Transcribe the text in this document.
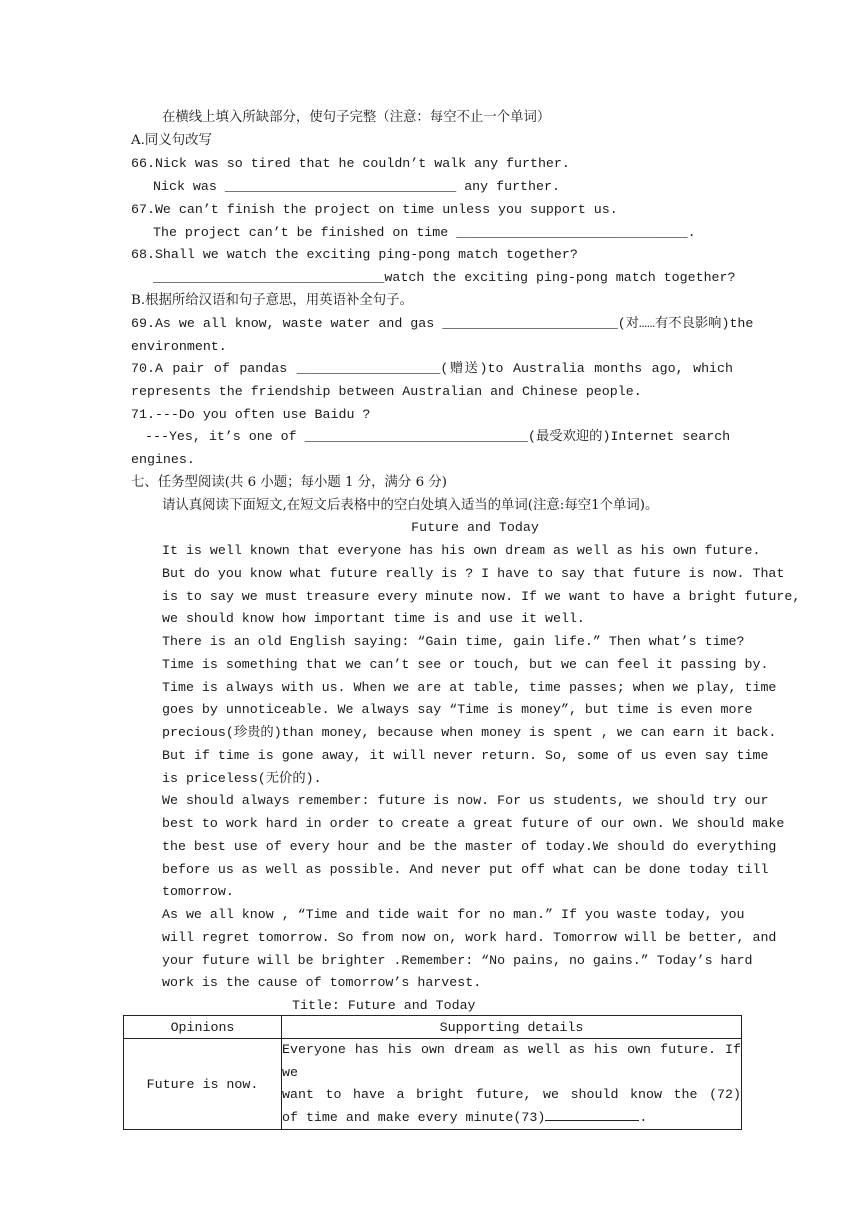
在横线上填入所缺部分，使句子完整（注意：每空不止一个单词）
A.同义句改写
66.Nick was so tired that he couldn’t walk any further.
Nick was _____________________________ any further.
67.We can’t finish the project on time unless you support us.
The project can’t be finished on time _____________________________.
68.Shall we watch the exciting ping-pong match together?
_____________________________watch the exciting ping-pong match together?
B.根据所给汉语和句子意思，用英语补全句子。
69.As we all know, waste water and gas ______________________(对……有不良影响)the
environment.
70.A pair of pandas __________________(赠送)to Australia months ago, which
represents the friendship between Australian and Chinese people.
71.---Do you often use Baidu ?
---Yes, it’s one of ____________________________(最受欢迎的)Internet search
engines.
七、任务型阅读(共 6 小题；每小题 1 分，满分 6 分)
请认真阅读下面短文,在短文后表格中的空白处填入适当的单词(注意:每空1个单词)。
Future and Today
It is well known that everyone has his own dream as well as his own future.
But do you know what future really is ? I have to say that future is now. That
is to say we must treasure every minute now. If we want to have a bright future,
we should know how important time is and use it well.
There is an old English saying: “Gain time, gain life.” Then what’s time?
Time is something that we can’t see or touch, but we can feel it passing by.
Time is always with us. When we are at table, time passes; when we play, time
goes by unnoticeable. We always say “Time is money”, but time is even more
precious(珍贵的)than money, because when money is spent , we can earn it back.
But if time is gone away, it will never return. So, some of us even say time
is priceless(无价的).
We should always remember: future is now. For us students, we should try our
best to work hard in order to create a great future of our own. We should make
the best use of every hour and be the master of today.We should do everything
before us as well as possible. And never put off what can be done today till
tomorrow.
As we all know , “Time and tide wait for no man.” If you waste today, you
will regret tomorrow. So from now on, work hard. Tomorrow will be better, and
your future will be brighter .Remember: “No pains, no gains.” Today’s hard
work is the cause of tomorrow’s harvest.
Title: Future and Today
Opinions	Supporting details
Future is now.	Everyone has his own dream as well as his own future. If we
want to have a bright future, we should know the (72)
of time and make every minute(73) .
